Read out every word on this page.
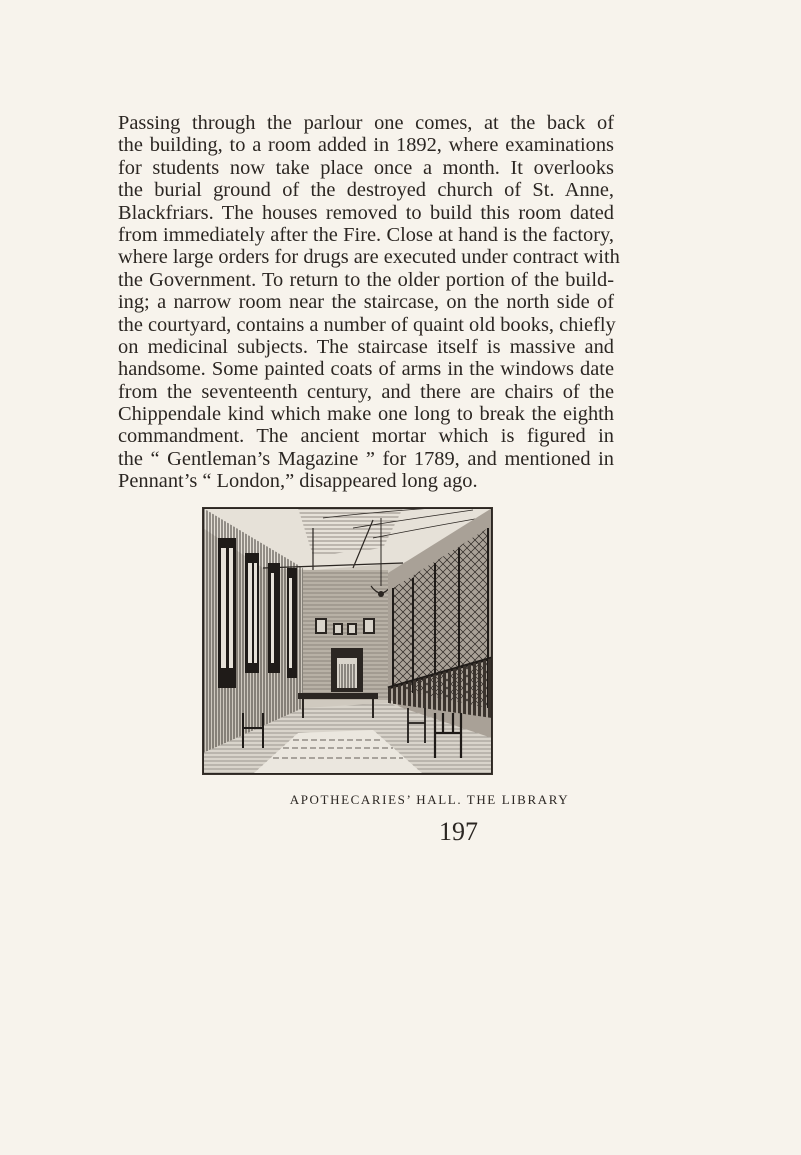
Passing through the parlour one comes, at the back of
the building, to a room added in 1892, where examinations
for students now take place once a month. It overlooks
the burial ground of the destroyed church of St. Anne,
Blackfriars. The houses removed to build this room dated
from immediately after the Fire. Close at hand is the factory,
where large orders for drugs are executed under contract with
the Government. To return to the older portion of the build-
ing; a narrow room near the staircase, on the north side of
the courtyard, contains a number of quaint old books, chiefly
on medicinal subjects. The staircase itself is massive and
handsome. Some painted coats of arms in the windows date
from the seventeenth century, and there are chairs of the
Chippendale kind which make one long to break the eighth
commandment. The ancient mortar which is figured in
the “ Gentleman’s Magazine ” for 1789, and mentioned in
Pennant’s “ London,” disappeared long ago.
APOTHECARIES’ HALL. THE LIBRARY
197
